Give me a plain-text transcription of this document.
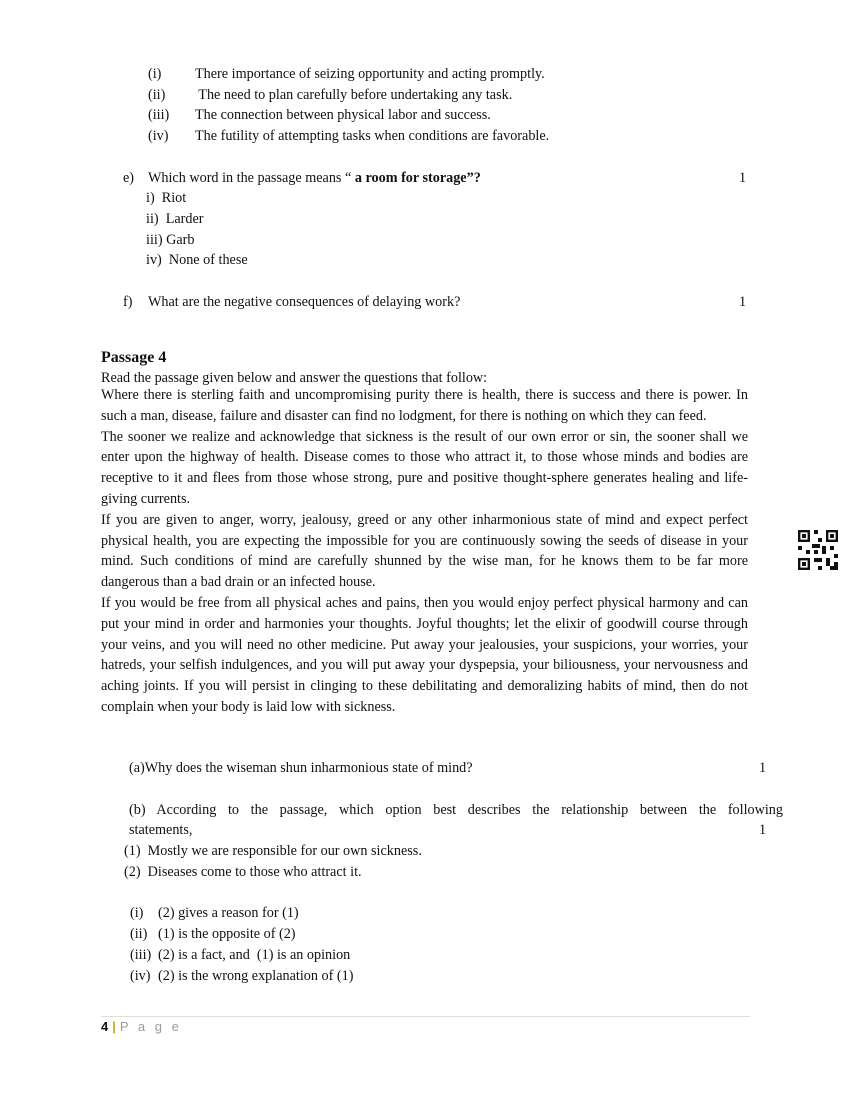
(i) There importance of seizing opportunity and acting promptly.
(ii) The need to plan carefully before undertaking any task.
(iii) The connection between physical labor and success.
(iv) The futility of attempting tasks when conditions are favorable.
e) Which word in the passage means “ a room for storage”?	1
i)  Riot
ii)  Larder
iii) Garb
iv)  None of these
f) What are the negative consequences of delaying work?	1
Passage 4
Read the passage given below and answer the questions that follow:

Where there is sterling faith and uncompromising purity there is health, there is success and there is power. In such a man, disease, failure and disaster can find no lodgment, for there is nothing on which they can feed.

The sooner we realize and acknowledge that sickness is the result of our own error or sin, the sooner shall we enter upon the highway of health. Disease comes to those who attract it, to those whose minds and bodies are receptive to it and flees from those whose strong, pure and positive thought-sphere generates healing and life-giving currents.

If you are given to anger, worry, jealousy, greed or any other inharmonious state of mind and expect perfect physical health, you are expecting the impossible for you are continuously sowing the seeds of disease in your mind. Such conditions of mind are carefully shunned by the wise man, for he knows them to be far more dangerous than a bad drain or an infected house.

If you would be free from all physical aches and pains, then you would enjoy perfect physical harmony and can put your mind in order and harmonies your thoughts. Joyful thoughts; let the elixir of goodwill course through your veins, and you will need no other medicine. Put away your jealousies, your suspicions, your worries, your hatreds, your selfish indulgences, and you will put away your dyspepsia, your biliousness, your nervousness and aching joints. If you will persist in clinging to these debilitating and demoralizing habits of mind, then do not complain when your body is laid low with sickness.

(a)Why does the wiseman shun inharmonious state of mind?	1
(b) According to the passage, which option best describes the relationship between the following
statements,	1
(1)  Mostly we are responsible for our own sickness.
(2)  Diseases come to those who attract it.
(i) (2) gives a reason for (1)
(ii) (1) is the opposite of (2)
(iii) (2) is a fact, and  (1) is an opinion
(iv) (2) is the wrong explanation of (1)
4 | P a g e
